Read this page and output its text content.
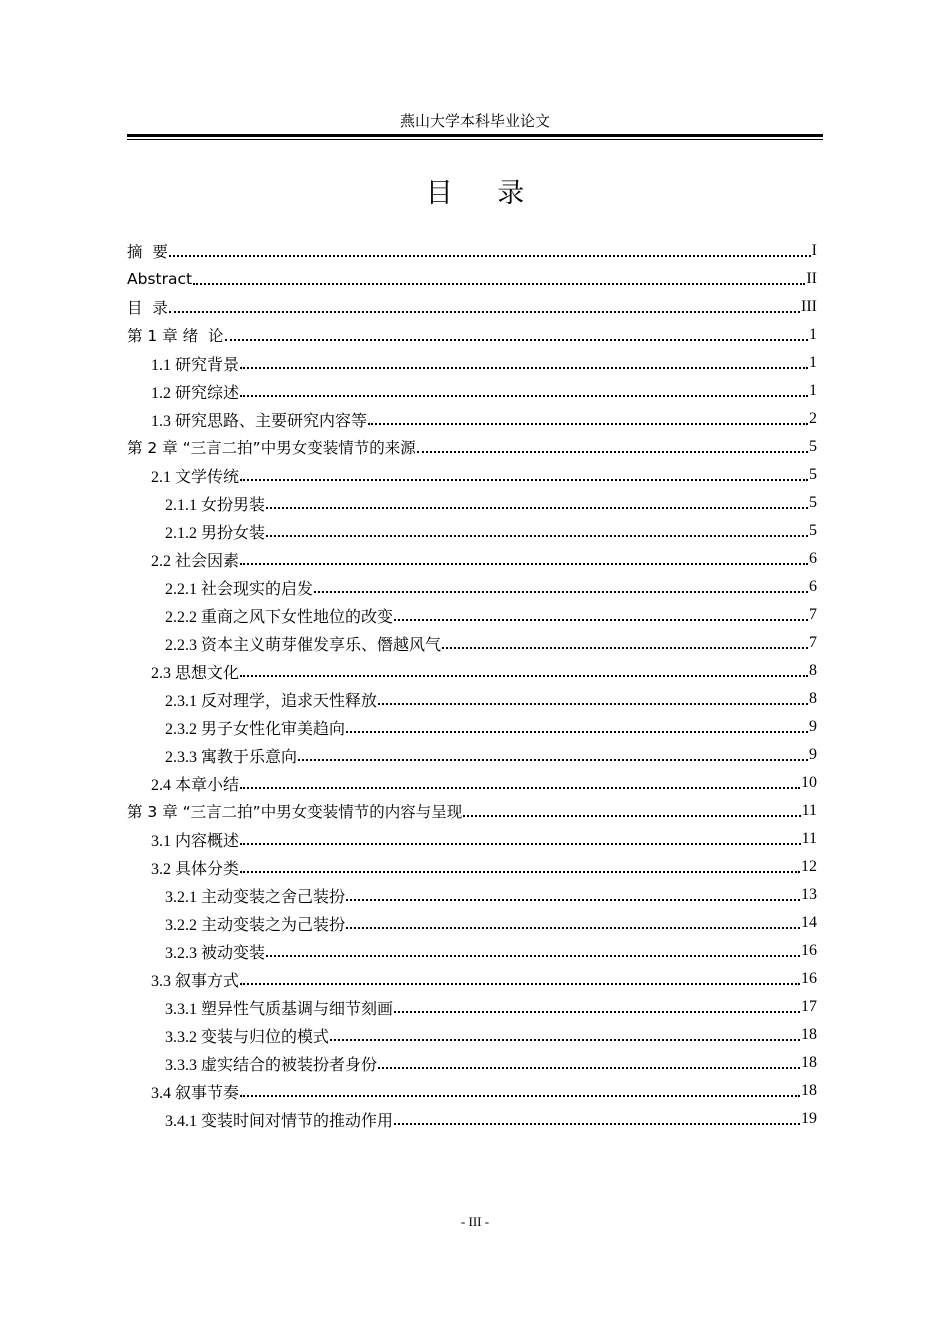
燕山大学本科毕业论文
目 录
摘  要	I
Abstract	II
目  录	III
第 1 章 绪  论	1
1.1 研究背景	1
1.2 研究综述	1
1.3 研究思路、主要研究内容等	2
第 2 章 “三言二拍”中男女变装情节的来源	5
2.1 文学传统	5
2.1.1 女扮男装	5
2.1.2 男扮女装	5
2.2 社会因素	6
2.2.1 社会现实的启发	6
2.2.2 重商之风下女性地位的改变	7
2.2.3 资本主义萌芽催发享乐、僭越风气	7
2.3 思想文化	8
2.3.1 反对理学，追求天性释放	8
2.3.2 男子女性化审美趋向	9
2.3.3 寓教于乐意向	9
2.4 本章小结	10
第 3 章 “三言二拍”中男女变装情节的内容与呈现	11
3.1 内容概述	11
3.2 具体分类	12
3.2.1 主动变装之舍己装扮	13
3.2.2 主动变装之为己装扮	14
3.2.3 被动变装	16
3.3 叙事方式	16
3.3.1 塑异性气质基调与细节刻画	17
3.3.2 变装与归位的模式	18
3.3.3 虚实结合的被装扮者身份	18
3.4 叙事节奏	18
3.4.1 变装时间对情节的推动作用	19
- III -
